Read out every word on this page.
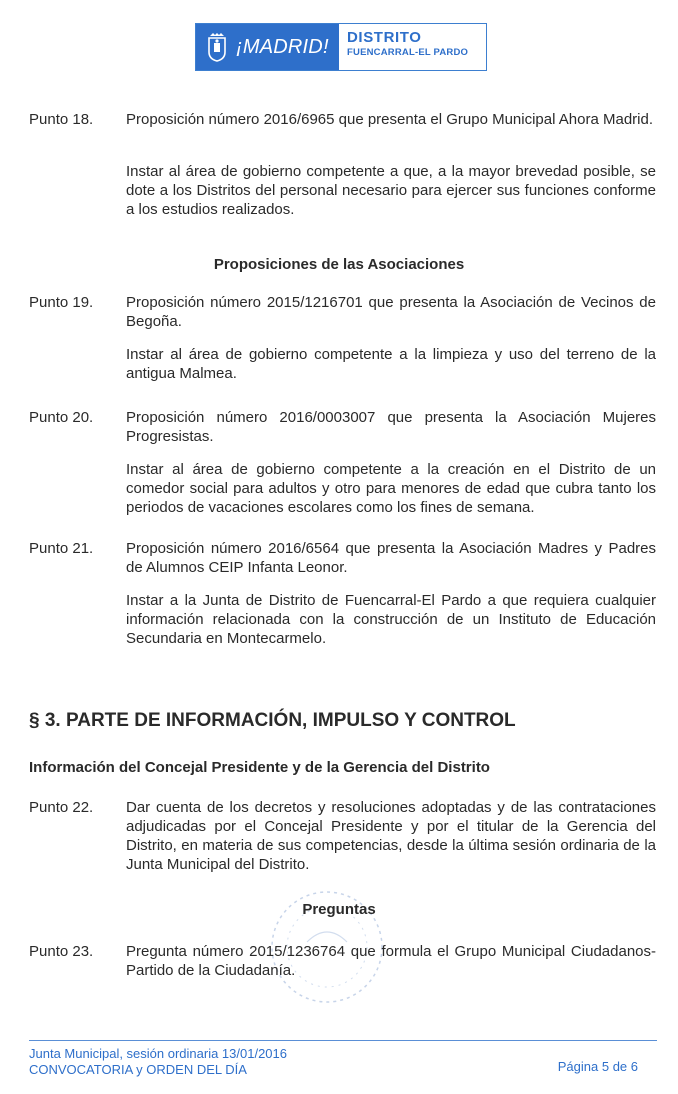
¡MADRID! DISTRITO
FUENCARRAL-EL PARDO
Punto 18. Proposición número 2016/6965 que presenta el Grupo Municipal Ahora Madrid.

Instar al área de gobierno competente a que, a la mayor brevedad posible, se dote a los Distritos del personal necesario para ejercer sus funciones conforme a los estudios realizados.

Proposiciones de las Asociaciones
Punto 19. Proposición número 2015/1216701 que presenta la Asociación de Vecinos de Begoña.

Instar al área de gobierno competente a la limpieza y uso del terreno de la antigua Malmea.

Punto 20. Proposición número 2016/0003007 que presenta la Asociación Mujeres Progresistas.

Instar al área de gobierno competente a la creación en el Distrito de un comedor social para adultos y otro para menores de edad que cubra tanto los periodos de vacaciones escolares como los fines de semana.

Punto 21. Proposición número 2016/6564 que presenta la Asociación Madres y Padres de Alumnos CEIP Infanta Leonor.

Instar a la Junta de Distrito de Fuencarral-El Pardo a que requiera cualquier información relacionada con la construcción de un Instituto de Educación Secundaria en Montecarmelo.

§ 3. PARTE DE INFORMACIÓN, IMPULSO Y CONTROL
Información del Concejal Presidente y de la Gerencia del Distrito
Punto 22. Dar cuenta de los decretos y resoluciones adoptadas y de las contrataciones adjudicadas por el Concejal Presidente y por el titular de la Gerencia del Distrito, en materia de sus competencias, desde la última sesión ordinaria de la Junta Municipal del Distrito.

Preguntas
Punto 23. Pregunta número 2015/1236764 que formula el Grupo Municipal Ciudadanos-Partido de la Ciudadanía.

Junta Municipal, sesión ordinaria 13/01/2016
CONVOCATORIA y ORDEN DEL DÍA	Página 5 de 6
